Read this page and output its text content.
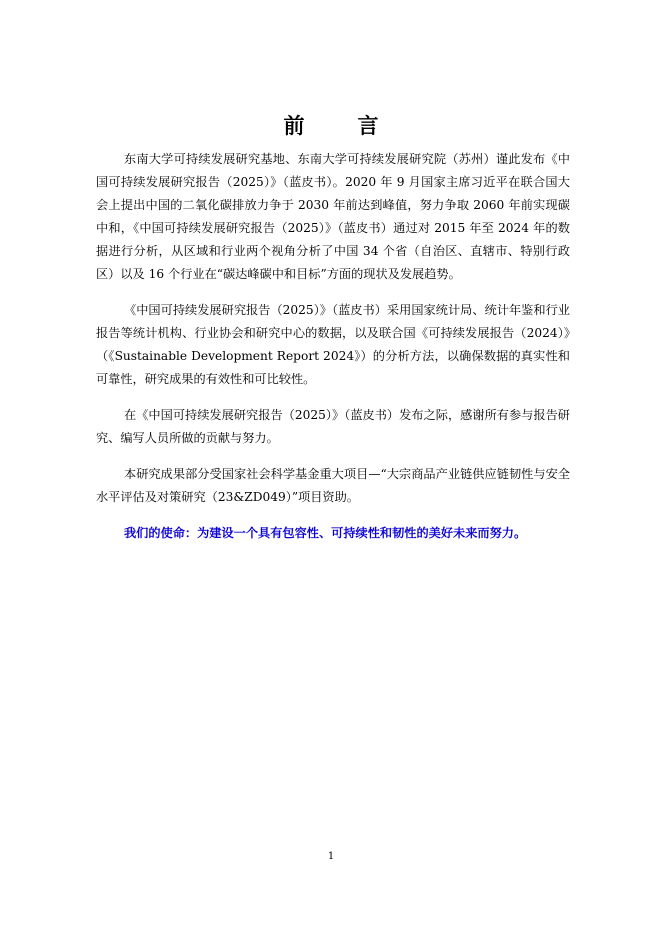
前　言

东南大学可持续发展研究基地、东南大学可持续发展研究院（苏州）谨此发布《中国可持续发展研究报告（2025）》（蓝皮书）。2020 年 9 月国家主席习近平在联合国大会上提出中国的二氧化碳排放力争于 2030 年前达到峰值，努力争取 2060 年前实现碳中和，《中国可持续发展研究报告（2025）》（蓝皮书）通过对 2015 年至 2024 年的数据进行分析，从区域和行业两个视角分析了中国 34 个省（自治区、直辖市、特别行政区）以及 16 个行业在“碳达峰碳中和目标”方面的现状及发展趋势。

《中国可持续发展研究报告（2025）》（蓝皮书）采用国家统计局、统计年鉴和行业报告等统计机构、行业协会和研究中心的数据，以及联合国《可持续发展报告（2024）》（《Sustainable Development Report 2024》）的分析方法，以确保数据的真实性和可靠性，研究成果的有效性和可比较性。

在《中国可持续发展研究报告（2025）》（蓝皮书）发布之际，感谢所有参与报告研究、编写人员所做的贡献与努力。

本研究成果部分受国家社会科学基金重大项目—“大宗商品产业链供应链韧性与安全水平评估及对策研究（23&ZD049）”项目资助。

我们的使命：为建设一个具有包容性、可持续性和韧性的美好未来而努力。

1
